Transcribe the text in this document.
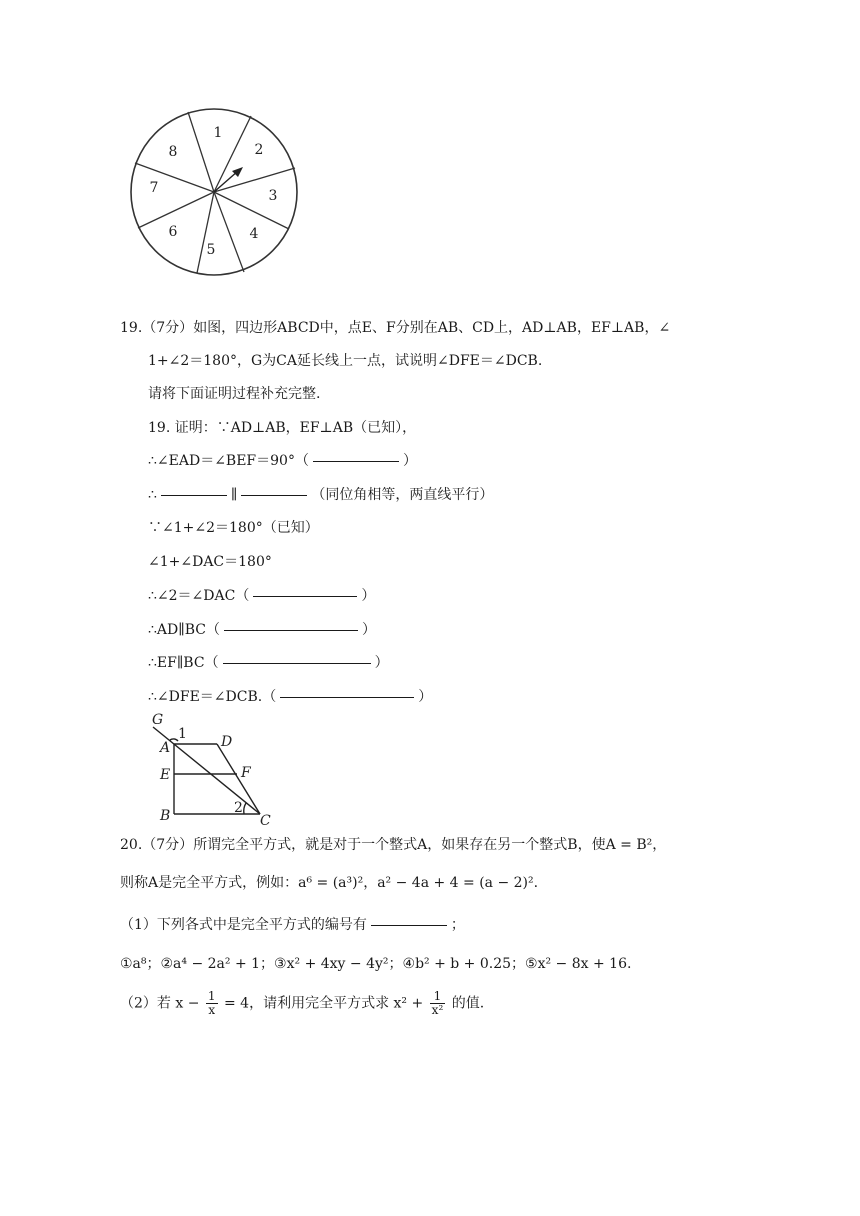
1
2
3
4
5
6
7
8
19.（7分）如图，四边形ABCD中，点E、F分别在AB、CD上，AD⊥AB，EF⊥AB，∠
1+∠2＝180°，G为CA延长线上一点，试说明∠DFE＝∠DCB.
请将下面证明过程补充完整.
19. 证明：∵AD⊥AB，EF⊥AB（已知），
∴∠EAD＝∠BEF＝90°（	）
∴	∥	（同位角相等，两直线平行）
∵∠1+∠2＝180°（已知）
∠1+∠DAC＝180°
∴∠2＝∠DAC（	）
∴AD∥BC（	）
∴EF∥BC（	）
∴∠DFE＝∠DCB.（	）
G
1
A	D
E	F
B	2
C
20.（7分）所谓完全平方式，就是对于一个整式A，如果存在另一个整式B，使A = B²，
则称A是完全平方式，例如：a⁶ = (a³)²，a² − 4a + 4 = (a − 2)².
（1）下列各式中是完全平方式的编号有	；
①a⁸；②a⁴ − 2a² + 1；③x² + 4xy − 4y²；④b² + b + 0.25；⑤x² − 8x + 16.
（2）若 $x - \frac{1}{x} = 4$，请利用完全平方式求 $x^2 + \frac{1}{\text{x²}}$ 的值.
